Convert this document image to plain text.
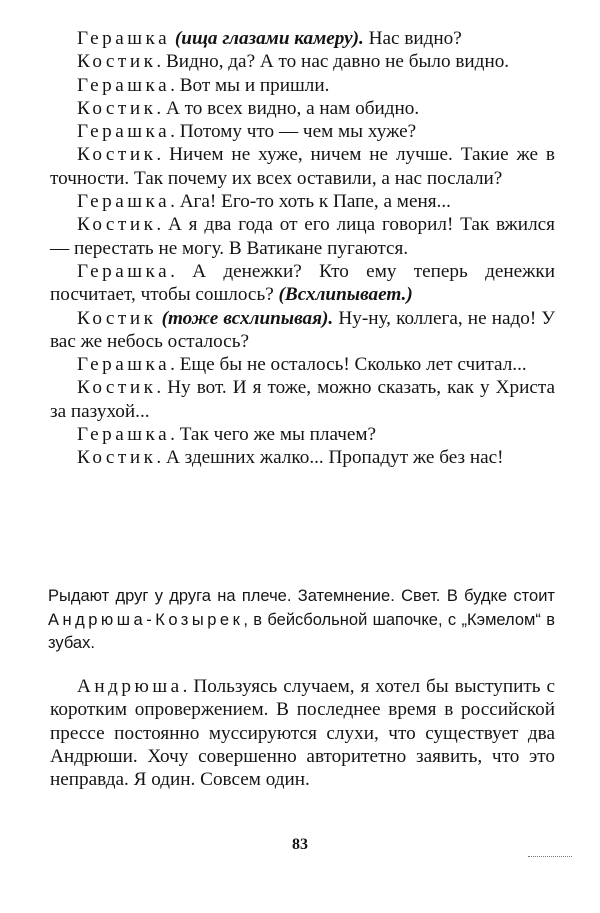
Герашка (ища глазами камеру). Нас видно?

Костик. Видно, да? А то нас давно не было видно.

Герашка. Вот мы и пришли.

Костик. А то всех видно, а нам обидно.

Герашка. Потому что — чем мы хуже?

Костик. Ничем не хуже, ничем не лучше. Такие же в точности. Так почему их всех оставили, а нас послали?

Герашка. Ага! Его-то хоть к Папе, а меня...

Костик. А я два года от его лица говорил! Так вжился — перестать не могу. В Ватикане пугаются.

Герашка. А денежки? Кто ему теперь денежки посчитает, чтобы сошлось? (Всхлипывает.)

Костик (тоже всхлипывая). Ну-ну, коллега, не надо! У вас же небось осталось?

Герашка. Еще бы не осталось! Сколько лет считал...

Костик. Ну вот. И я тоже, можно сказать, как у Христа за пазухой...

Герашка. Так чего же мы плачем?

Костик. А здешних жалко... Пропадут же без нас!

Рыдают друг у друга на плече. Затемнение. Свет. В будке стоит Андрюша-Козырек, в бейсбольной шапочке, с „Кэмелом“ в зубах.

Андрюша. Пользуясь случаем, я хотел бы выступить с коротким опровержением. В последнее время в российской прессе постоянно муссируются слухи, что существует два Андрюши. Хочу совершенно авторитетно заявить, что это неправда. Я один. Совсем один.

83
